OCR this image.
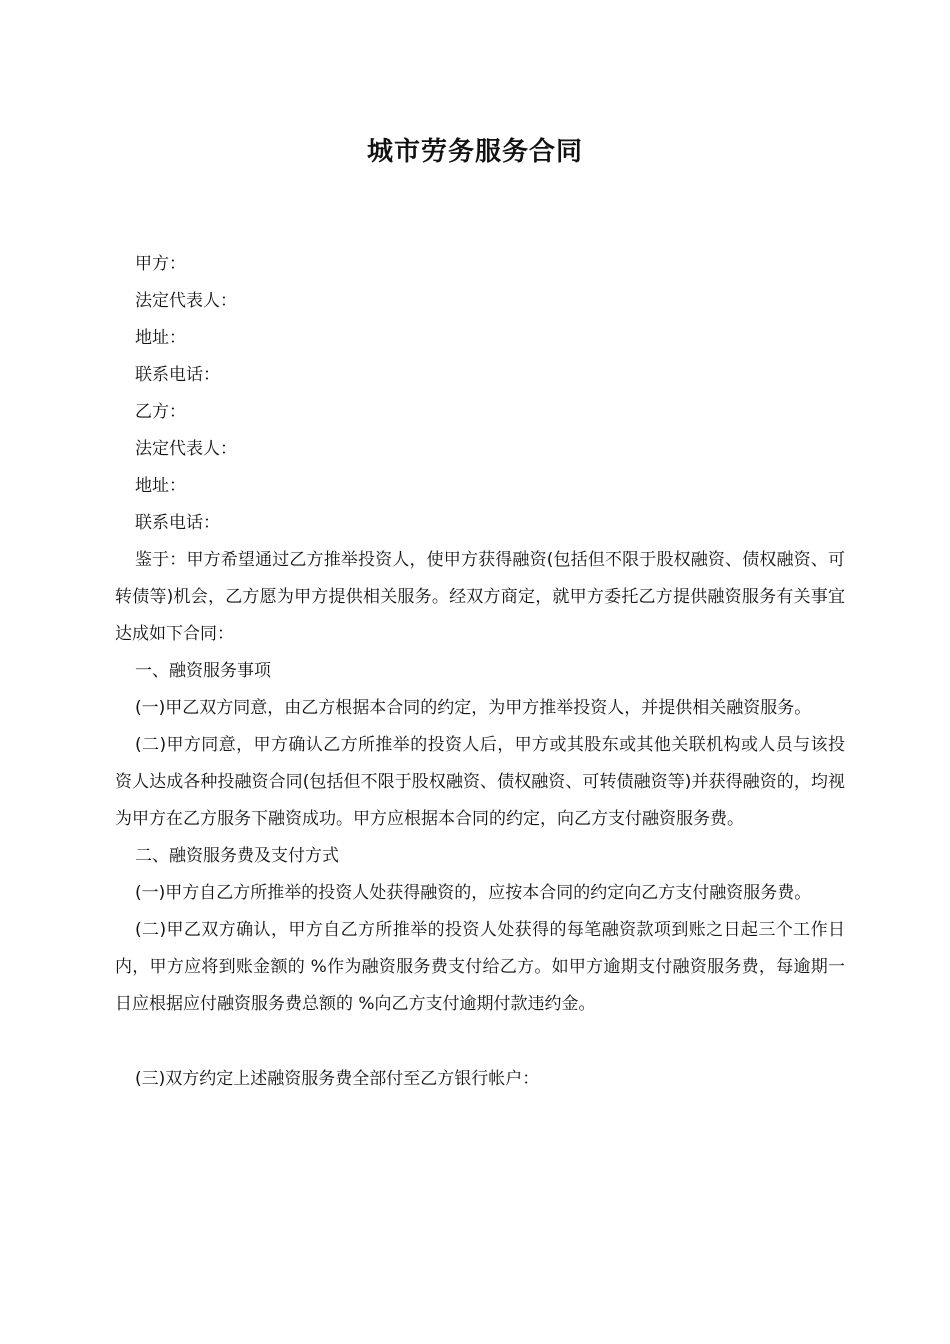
城市劳务服务合同
甲方：
法定代表人：
地址：
联系电话：
乙方：
法定代表人：
地址：
联系电话：
鉴于：甲方希望通过乙方推举投资人，使甲方获得融资(包括但不限于股权融资、债权融资、可转债等)机会，乙方愿为甲方提供相关服务。经双方商定，就甲方委托乙方提供融资服务有关事宜达成如下合同：
一、融资服务事项
(一)甲乙双方同意，由乙方根据本合同的约定，为甲方推举投资人，并提供相关融资服务。
(二)甲方同意，甲方确认乙方所推举的投资人后，甲方或其股东或其他关联机构或人员与该投资人达成各种投融资合同(包括但不限于股权融资、债权融资、可转债融资等)并获得融资的，均视为甲方在乙方服务下融资成功。甲方应根据本合同的约定，向乙方支付融资服务费。
二、融资服务费及支付方式
(一)甲方自乙方所推举的投资人处获得融资的，应按本合同的约定向乙方支付融资服务费。
(二)甲乙双方确认，甲方自乙方所推举的投资人处获得的每笔融资款项到账之日起三个工作日内，甲方应将到账金额的 %作为融资服务费支付给乙方。如甲方逾期支付融资服务费，每逾期一日应根据应付融资服务费总额的 %向乙方支付逾期付款违约金。
(三)双方约定上述融资服务费全部付至乙方银行帐户：
